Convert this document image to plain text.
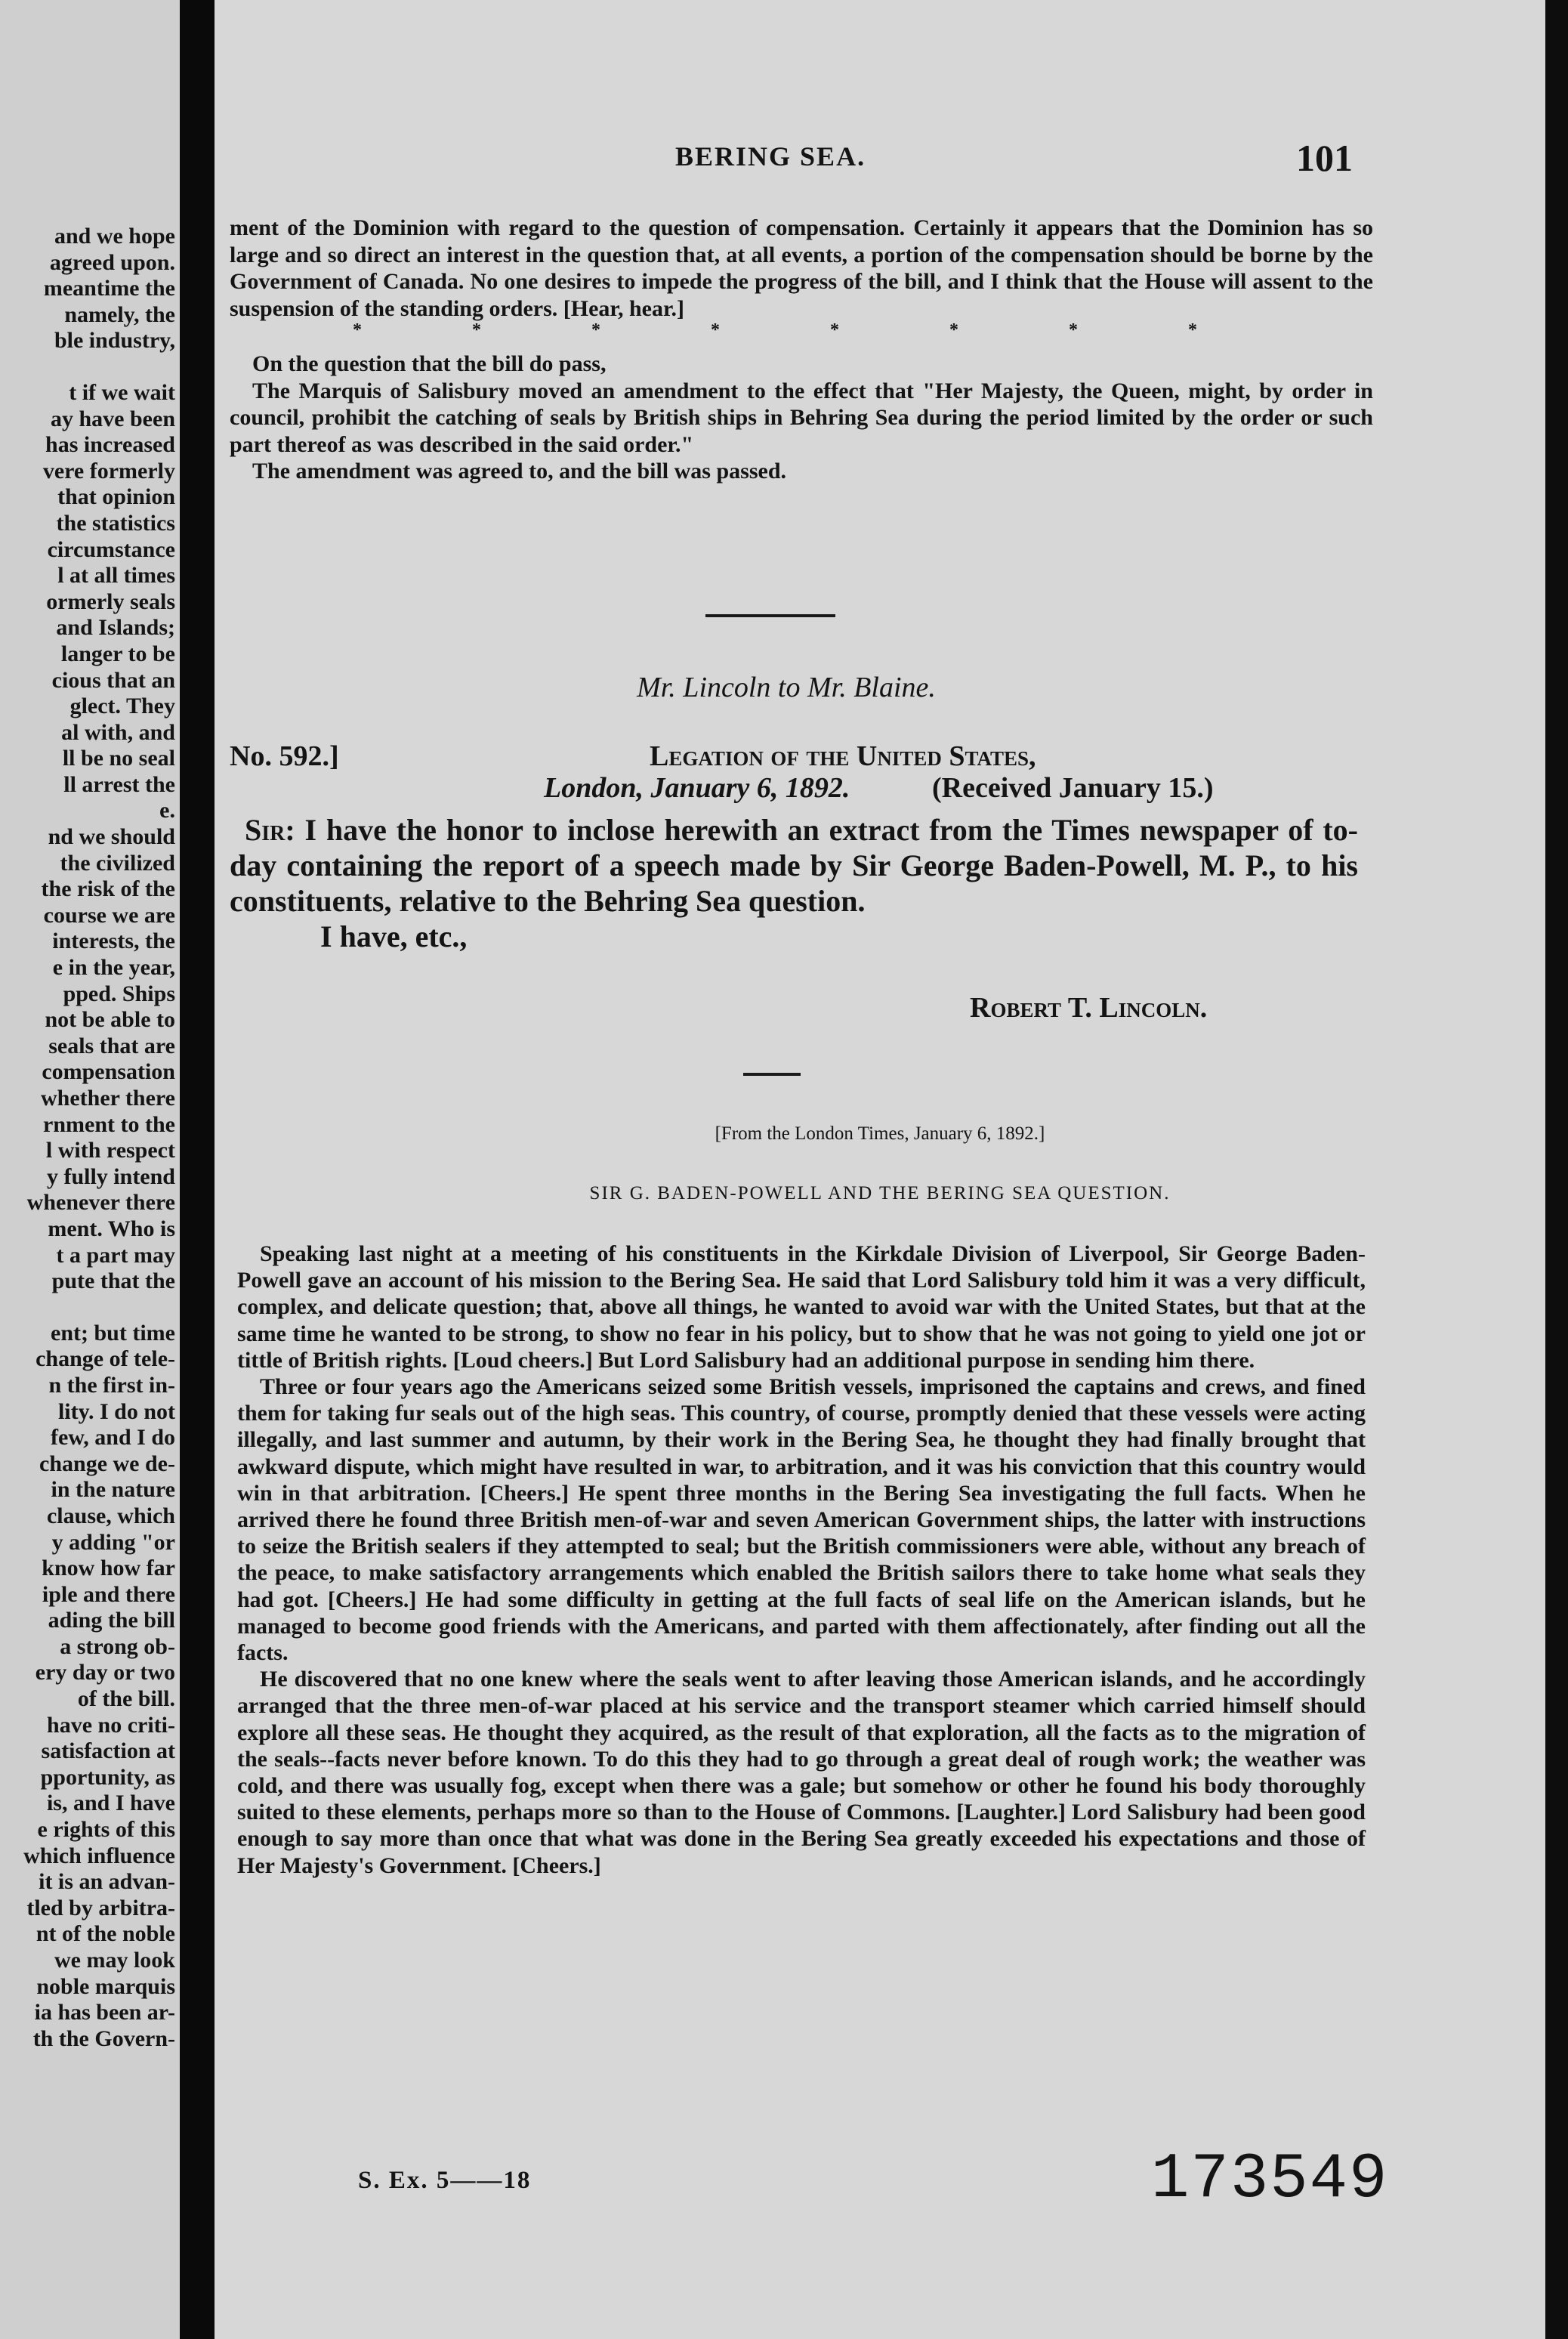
and we hope
agreed upon.
meantime the
namely, the
ble industry,
t if we wait
ay have been
has increased
vere formerly
that opinion
the statistics
circumstance
l at all times
ormerly seals
and Islands;
langer to be
cious that an
glect. They
al with, and
ll be no seal
ll arrest the
e.
nd we should
the civilized
the risk of the
course we are
interests, the
e in the year,
pped. Ships
not be able to
seals that are
compensation
whether there
rnment to the
l with respect
y fully intend
whenever there
ment. Who is
t a part may
pute that the
ent; but time
change of tele-
n the first in-
lity. I do not
few, and I do
change we de-
in the nature
clause, which
y adding "or
know how far
iple and there
ading the bill
a strong ob-
ery day or two
of the bill.
have no criti-
satisfaction at
pportunity, as
is, and I have
e rights of this
which influence
it is an advan-
tled by arbitra-
nt of the noble
we may look
noble marquis
ia has been ar-
th the Govern-
BERING SEA.	101

ment of the Dominion with regard to the question of compensation. Certainly it appears that the Dominion has so large and so direct an interest in the question that, at all events, a portion of the compensation should be borne by the Government of Canada. No one desires to impede the progress of the bill, and I think that the House will assent to the suspension of the standing orders. [Hear, hear.]

* * * * * * * *

On the question that the bill do pass,

The Marquis of Salisbury moved an amendment to the effect that "Her Majesty, the Queen, might, by order in council, prohibit the catching of seals by British ships in Behring Sea during the period limited by the order or such part thereof as was described in the said order."

The amendment was agreed to, and the bill was passed.

Mr. Lincoln to Mr. Blaine.
No. 592.]	Legation of the United States,

London, January 6, 1892.	(Received January 15.)

Sir: I have the honor to inclose herewith an extract from the Times newspaper of to-day containing the report of a speech made by Sir George Baden-Powell, M. P., to his constituents, relative to the Behring Sea question.

I have, etc.,

Robert T. Lincoln.
[From the London Times, January 6, 1892.]
SIR G. BADEN-POWELL AND THE BERING SEA QUESTION.

Speaking last night at a meeting of his constituents in the Kirkdale Division of Liverpool, Sir George Baden-Powell gave an account of his mission to the Bering Sea. He said that Lord Salisbury told him it was a very difficult, complex, and delicate question; that, above all things, he wanted to avoid war with the United States, but that at the same time he wanted to be strong, to show no fear in his policy, but to show that he was not going to yield one jot or tittle of British rights. [Loud cheers.] But Lord Salisbury had an additional purpose in sending him there.

Three or four years ago the Americans seized some British vessels, imprisoned the captains and crews, and fined them for taking fur seals out of the high seas. This country, of course, promptly denied that these vessels were acting illegally, and last summer and autumn, by their work in the Bering Sea, he thought they had finally brought that awkward dispute, which might have resulted in war, to arbitration, and it was his conviction that this country would win in that arbitration. [Cheers.] He spent three months in the Bering Sea investigating the full facts. When he arrived there he found three British men-of-war and seven American Government ships, the latter with instructions to seize the British sealers if they attempted to seal; but the British commissioners were able, without any breach of the peace, to make satisfactory arrangements which enabled the British sailors there to take home what seals they had got. [Cheers.] He had some difficulty in getting at the full facts of seal life on the American islands, but he managed to become good friends with the Americans, and parted with them affectionately, after finding out all the facts.

He discovered that no one knew where the seals went to after leaving those American islands, and he accordingly arranged that the three men-of-war placed at his service and the transport steamer which carried himself should explore all these seas. He thought they acquired, as the result of that exploration, all the facts as to the migration of the seals--facts never before known. To do this they had to go through a great deal of rough work; the weather was cold, and there was usually fog, except when there was a gale; but somehow or other he found his body thoroughly suited to these elements, perhaps more so than to the House of Commons. [Laughter.] Lord Salisbury had been good enough to say more than once that what was done in the Bering Sea greatly exceeded his expectations and those of Her Majesty's Government. [Cheers.]

S. Ex. 5——18	173549
